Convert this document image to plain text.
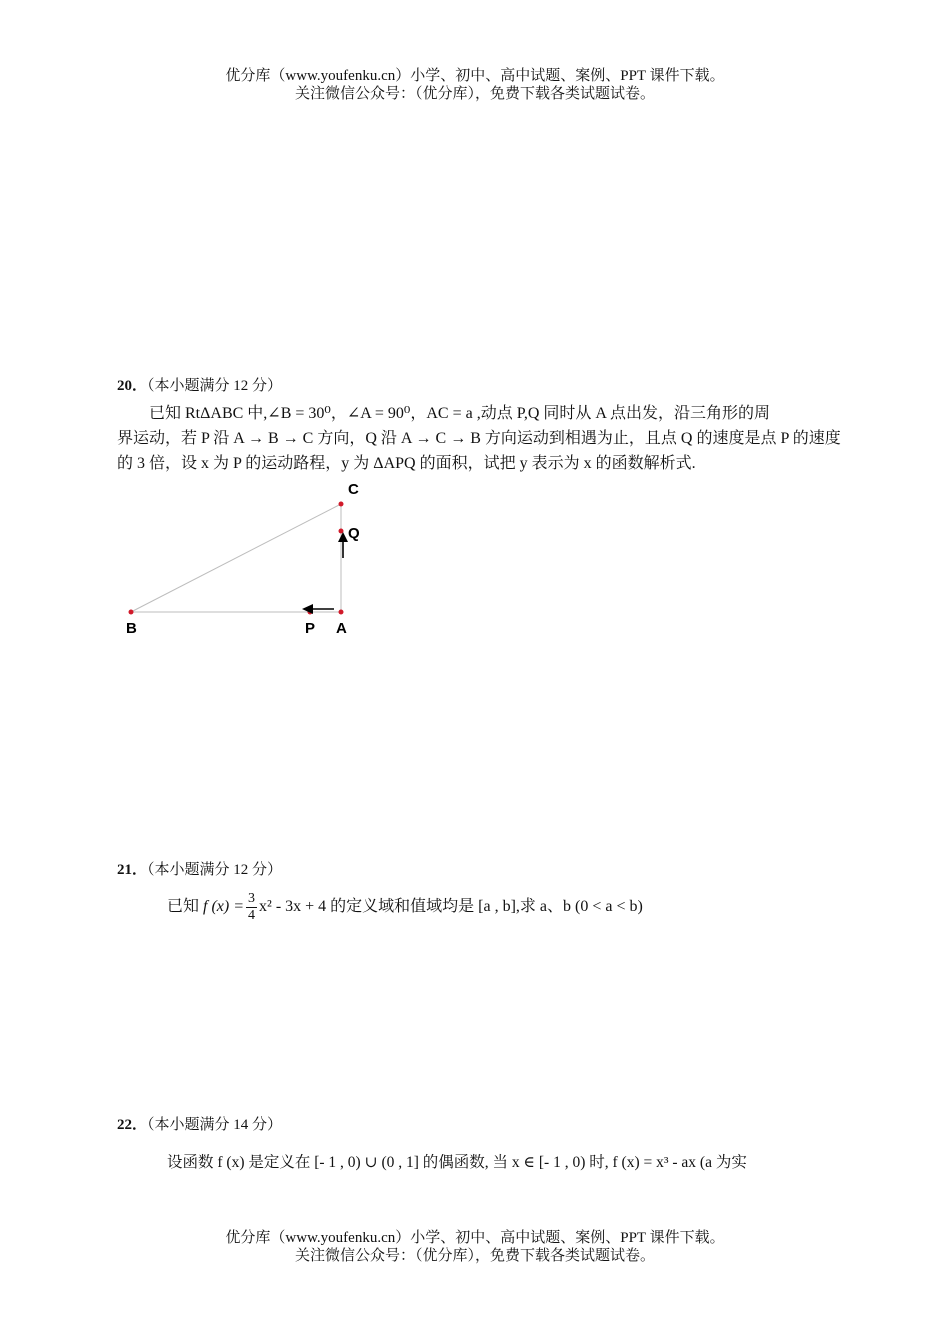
优分库（www.youfenku.cn）小学、初中、高中试题、案例、PPT 课件下载。
关注微信公众号：（优分库），免费下载各类试题试卷。
20．（本小题满分 12 分）
已知 RtΔABC 中,∠B = 30⁰，∠A = 90⁰，AC = a ,动点 P,Q 同时从 A 点出发，沿三角形的周
界运动，若 P 沿 A → B → C 方向，Q 沿 A → C → B 方向运动到相遇为止，且点 Q 的速度是点 P 的速度
的 3 倍，设 x 为 P 的运动路程，y 为 ΔAPQ 的面积，试把 y 表示为 x 的函数解析式.
C
Q
B	P A
21．（本小题满分 12 分）
已知 f $(x) = \frac{3}{4} x^2 - 3x + 4$ 的定义域和值域均是 [a , b],求 a、b (0 < a < b)
22．（本小题满分 14 分）
设函数 f (x) 是定义在 [- 1 , 0) ∪ (0 , 1] 的偶函数, 当 x ∈ [- 1 , 0) 时, f (x) = x³ - ax (a 为实
优分库（www.youfenku.cn）小学、初中、高中试题、案例、PPT 课件下载。
关注微信公众号：（优分库），免费下载各类试题试卷。
